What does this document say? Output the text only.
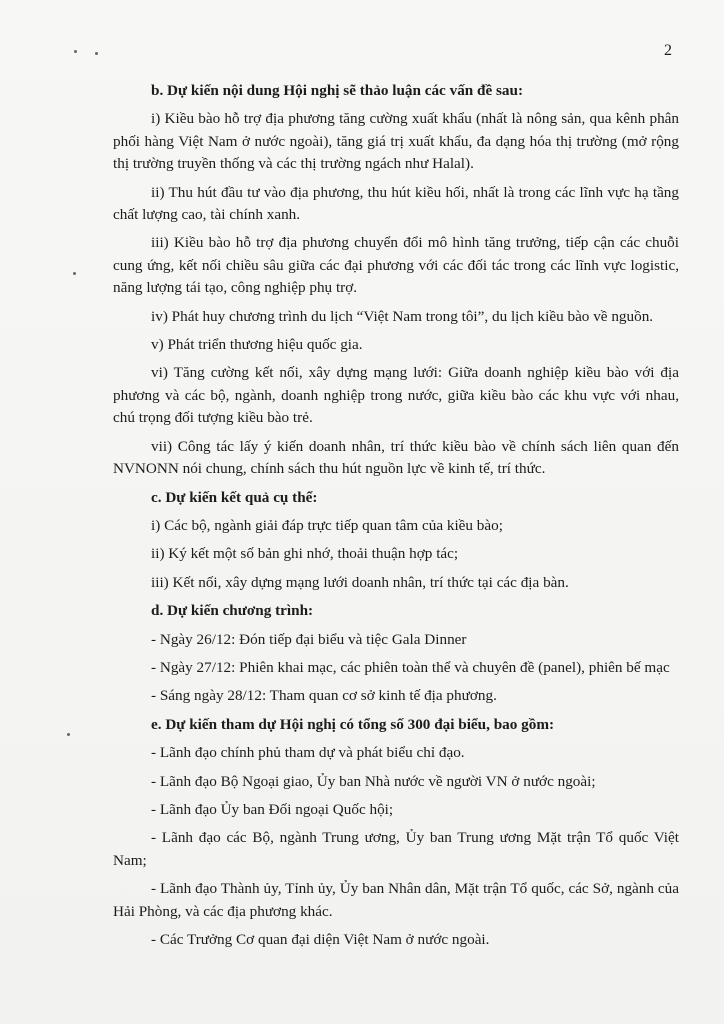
2

b. Dự kiến nội dung Hội nghị sẽ thảo luận các vấn đề sau:

i) Kiều bào hỗ trợ địa phương tăng cường xuất khẩu (nhất là nông sản, qua kênh phân phối hàng Việt Nam ở nước ngoài), tăng giá trị xuất khẩu, đa dạng hóa thị trường (mở rộng thị trường truyền thống và các thị trường ngách như Halal).

ii) Thu hút đầu tư vào địa phương, thu hút kiều hối, nhất là trong các lĩnh vực hạ tầng chất lượng cao, tài chính xanh.

iii) Kiều bào hỗ trợ địa phương chuyển đổi mô hình tăng trưởng, tiếp cận các chuỗi cung ứng, kết nối chiều sâu giữa các đại phương với các đối tác trong các lĩnh vực logistic, năng lượng tái tạo, công nghiệp phụ trợ.

iv) Phát huy chương trình du lịch “Việt Nam trong tôi”, du lịch kiều bào về nguồn.

v) Phát triển thương hiệu quốc gia.

vi) Tăng cường kết nối, xây dựng mạng lưới: Giữa doanh nghiệp kiều bào với địa phương và các bộ, ngành, doanh nghiệp trong nước, giữa kiều bào các khu vực với nhau, chú trọng đối tượng kiều bào trẻ.

vii) Công tác lấy ý kiến doanh nhân, trí thức kiều bào về chính sách liên quan đến NVNONN nói chung, chính sách thu hút nguồn lực về kinh tế, trí thức.

c. Dự kiến kết quả cụ thể:

i) Các bộ, ngành giải đáp trực tiếp quan tâm của kiều bào;

ii) Ký kết một số bản ghi nhớ, thoải thuận hợp tác;

iii) Kết nối, xây dựng mạng lưới doanh nhân, trí thức tại các địa bàn.

d. Dự kiến chương trình:

- Ngày 26/12: Đón tiếp đại biểu và tiệc Gala Dinner

- Ngày 27/12: Phiên khai mạc, các phiên toàn thể và chuyên đề (panel), phiên bế mạc

- Sáng ngày 28/12: Tham quan cơ sở kinh tế địa phương.

e. Dự kiến tham dự Hội nghị có tổng số 300 đại biểu, bao gồm:

- Lãnh đạo chính phủ tham dự và phát biểu chỉ đạo.

- Lãnh đạo Bộ Ngoại giao, Ủy ban Nhà nước về người VN ở nước ngoài;

- Lãnh đạo Ủy ban Đối ngoại Quốc hội;

- Lãnh đạo các Bộ, ngành Trung ương, Ủy ban Trung ương Mặt trận Tổ quốc Việt Nam;

- Lãnh đạo Thành ủy, Tỉnh ủy, Ủy ban Nhân dân, Mặt trận Tổ quốc, các Sở, ngành của Hải Phòng, và các địa phương khác.

- Các Trưởng Cơ quan đại diện Việt Nam ở nước ngoài.
